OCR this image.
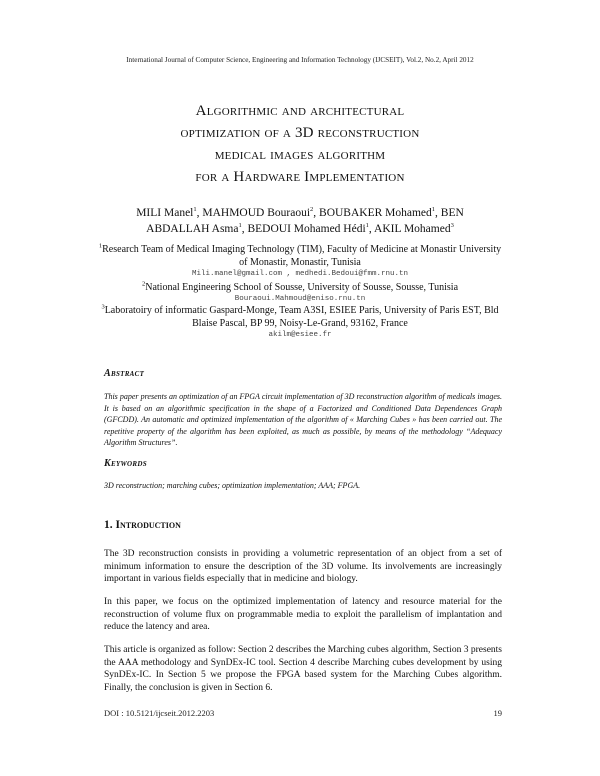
International Journal of Computer Science, Engineering and Information Technology (IJCSEIT), Vol.2, No.2, April 2012
Algorithmic and architectural
optimization of a 3D reconstruction
medical images algorithm
for a Hardware Implementation
MILI Manel$^1$, MAHMOUD Bouraoui$^2$, BOUBAKER Mohamed$^1$, BEN
ABDALLAH Asma$^1$, BEDOUI Mohamed Hédi$^1$, AKIL Mohamed$^3$
$^1$Research Team of Medical Imaging Technology (TIM), Faculty of Medicine at Monastir University of Monastir, Monastir, Tunisia
Mili.manel@gmail.com , medhedi.Bedoui@fmm.rnu.tn
$^2$National Engineering School of Sousse, University of Sousse, Sousse, Tunisia
Bouraoui.Mahmoud@eniso.rnu.tn
$^3$Laboratoiry of informatic Gaspard-Monge, Team A3SI, ESIEE Paris, University of Paris EST, Bld Blaise Pascal, BP 99, Noisy-Le-Grand, 93162, France
akilm@esiee.fr
Abstract
This paper presents an optimization of an FPGA circuit implementation of 3D reconstruction algorithm of medicals images. It is based on an algorithmic specification in the shape of a Factorized and Conditioned Data Dependences Graph (GFCDD). An automatic and optimized implementation of the algorithm of « Marching Cubes » has been carried out. The repetitive property of the algorithm has been exploited, as much as possible, by means of the methodology “Adequacy Algorithm Structures”.
Keywords
3D reconstruction; marching cubes; optimization implementation; AAA; FPGA.
1. Introduction
The 3D reconstruction consists in providing a volumetric representation of an object from a set of minimum information to ensure the description of the 3D volume. Its involvements are increasingly important in various fields especially that in medicine and biology.
In this paper, we focus on the optimized implementation of latency and resource material for the reconstruction of volume flux on programmable media to exploit the parallelism of implantation and reduce the latency and area.
This article is organized as follow: Section 2 describes the Marching cubes algorithm, Section 3 presents the AAA methodology and SynDEx-IC tool. Section 4 describe Marching cubes development by using SynDEx-IC. In Section 5 we propose the FPGA based system for the Marching Cubes algorithm. Finally, the conclusion is given in Section 6.
DOI : 10.5121/ijcseit.2012.2203	19
